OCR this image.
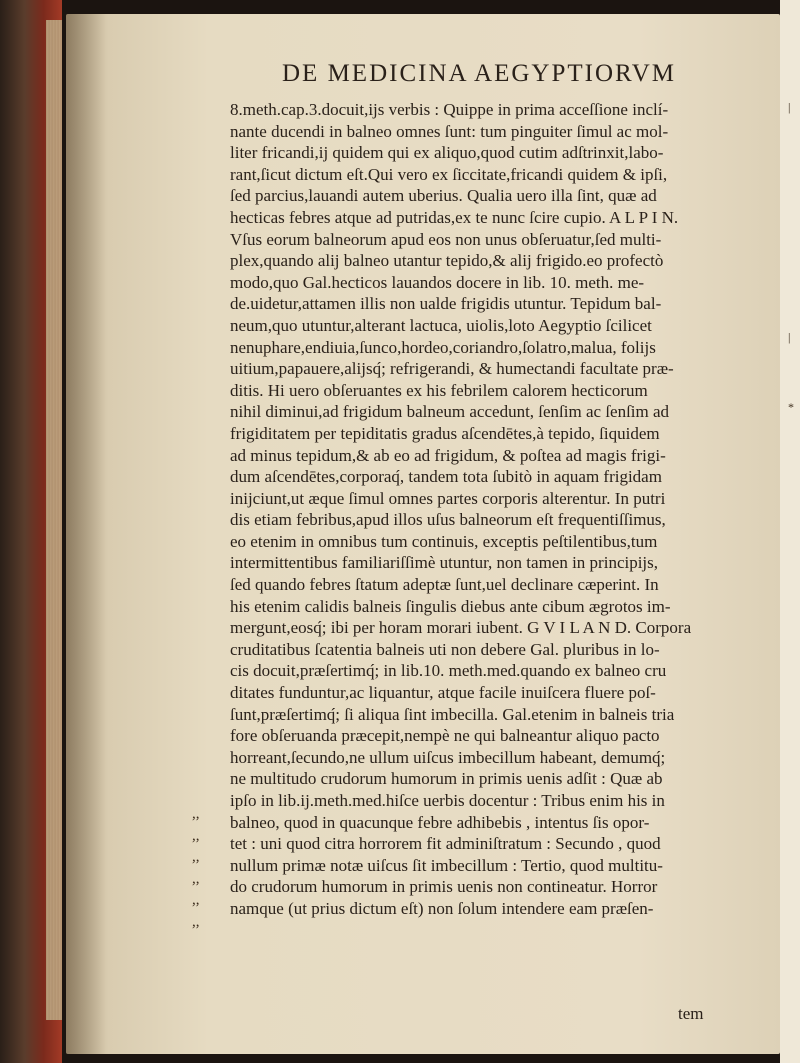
|
|
*
DE MEDICINA AEGYPTIORVM
8.meth.cap.3.docuit,ijs verbis : Quippe in prima acceſſione inclí-
nante ducendi in balneo omnes ſunt: tum pinguiter ſimul ac mol-
liter fricandi,ij quidem qui ex aliquo,quod cutim adſtrinxit,labo-
rant,ſicut dictum eſt.Qui vero ex ſiccitate,fricandi quidem & ipſi,
ſed parcius,lauandi autem uberius. Qualia uero illa ſint, quæ ad
hecticas febres atque ad putridas,ex te nunc ſcire cupio. A L P I N.
Vſus eorum balneorum apud eos non unus obſeruatur,ſed multi-
plex,quando alij balneo utantur tepido,& alij frigido.eo profectò
modo,quo Gal.hecticos lauandos docere in lib. 10. meth. me-
de.uidetur,attamen illis non ualde frigidis utuntur. Tepidum bal-
neum,quo utuntur,alterant lactuca, uiolis,loto Aegyptio ſcilicet
nenuphare,endiuia,ſunco,hordeo,coriandro,ſolatro,malua, folijs
uitium,papauere,alijsq́; refrigerandi, & humectandi facultate præ-
ditis. Hi uero obſeruantes ex his febrilem calorem hecticorum
nihil diminui,ad frigidum balneum accedunt, ſenſim ac ſenſim ad
frigiditatem per tepiditatis gradus aſcendētes,à tepido, ſiquidem
ad minus tepidum,& ab eo ad frigidum, & poſtea ad magis frigi-
dum aſcendētes,corporaq́, tandem tota ſubitò in aquam frigidam
inijciunt,ut æque ſimul omnes partes corporis alterentur. In putri
dis etiam febribus,apud illos uſus balneorum eſt frequentiſſimus,
eo etenim in omnibus tum continuis, exceptis peſtilentibus,tum
intermittentibus familiariſſimè utuntur, non tamen in principijs,
ſed quando febres ſtatum adeptæ ſunt,uel declinare cæperint. In
his etenim calidis balneis ſingulis diebus ante cibum ægrotos im-
mergunt,eosq́; ibi per horam morari iubent. G V I L A N D. Corpora
cruditatibus ſcatentia balneis uti non debere Gal. pluribus in lo-
cis docuit,præſertimq́; in lib.10. meth.med.quando ex balneo cru
ditates funduntur,ac liquantur, atque facile inuiſcera fluere poſ-
ſunt,præſertimq́; ſi aliqua ſint imbecilla. Gal.etenim in balneis tria
fore obſeruanda præcepit,nempè ne qui balneantur aliquo pacto
horreant,ſecundo,ne ullum uiſcus imbecillum habeant, demumq́;
ne multitudo crudorum humorum in primis uenis adſit : Quæ ab
ipſo in lib.ij.meth.med.hiſce uerbis docentur : Tribus enim his in
balneo, quod in quacunque febre adhibebis , intentus ſis opor-
tet : uni quod citra horrorem fit adminiſtratum : Secundo , quod
nullum primæ notæ uiſcus ſit imbecillum : Tertio, quod multitu-
do crudorum humorum in primis uenis non contineatur. Horror
namque (ut prius dictum eſt) non ſolum intendere eam præſen-
,,
,,
,,
,,
,,
,,
tem
